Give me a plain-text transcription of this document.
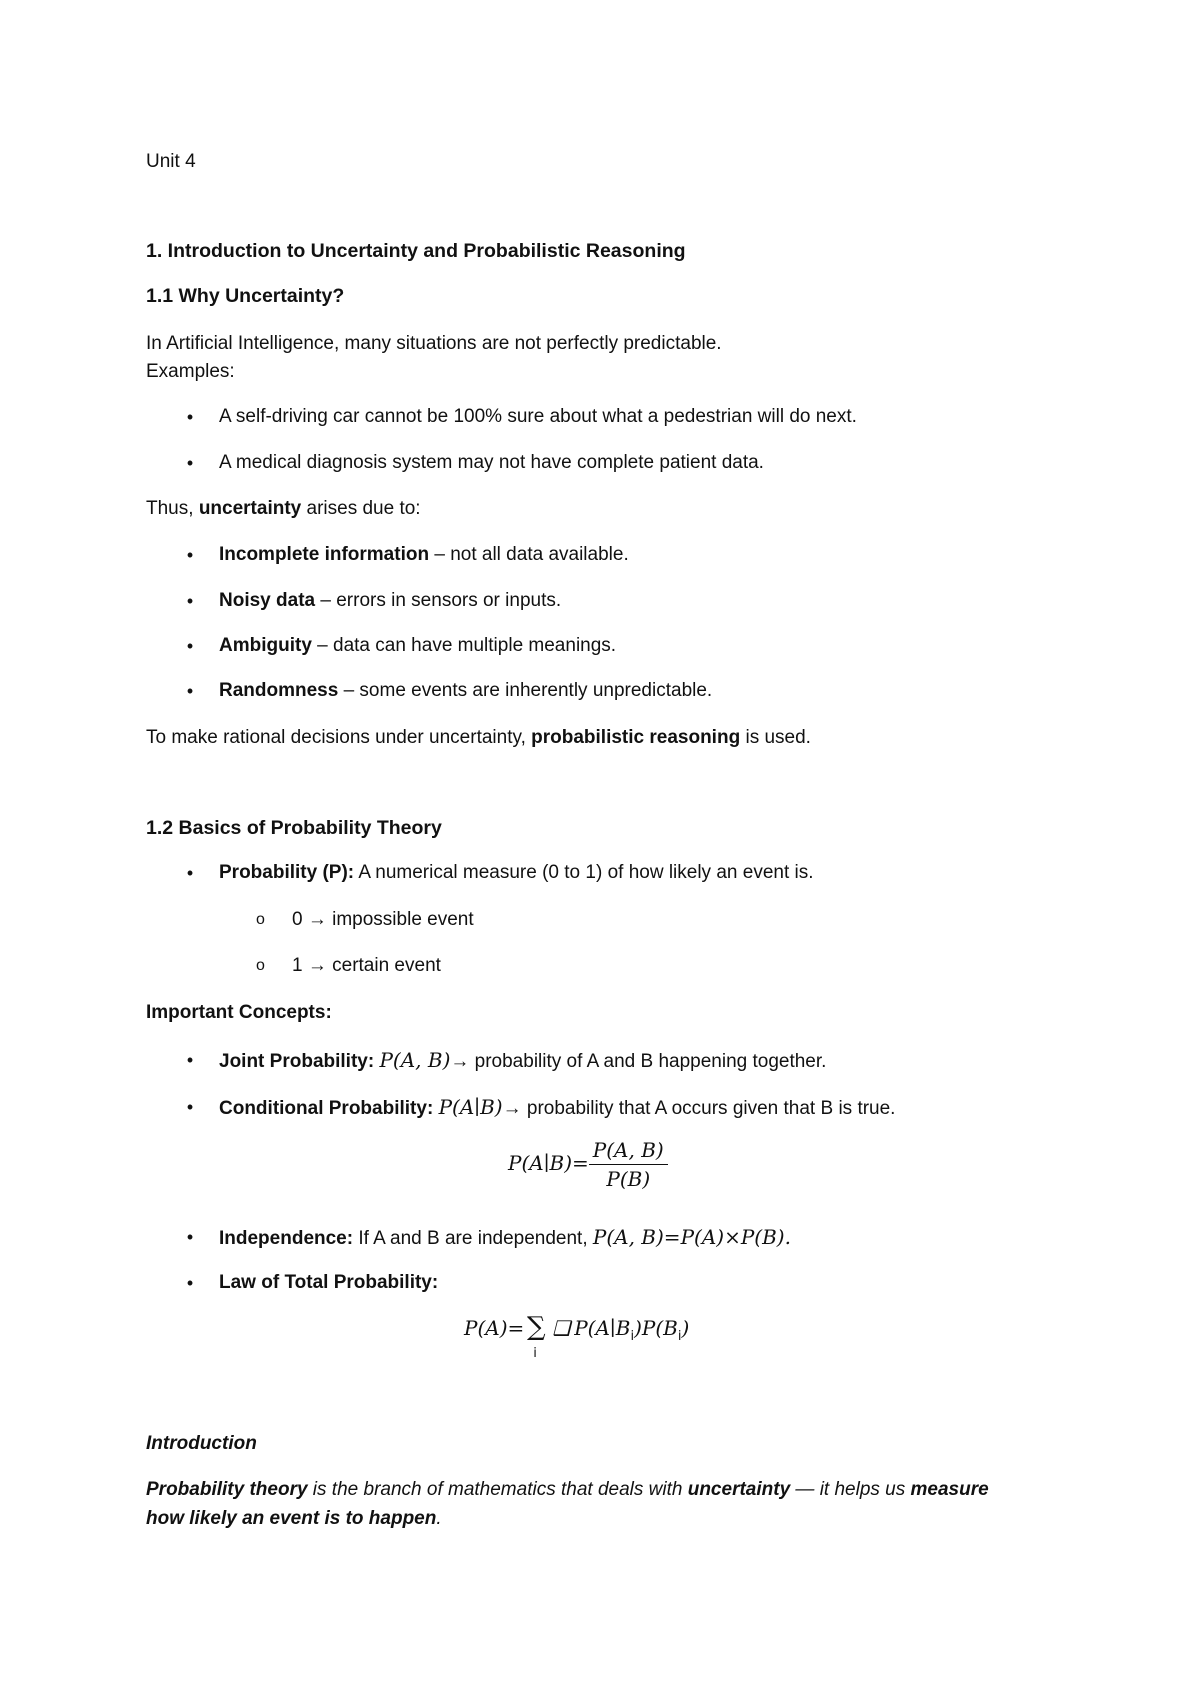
Unit 4
1. Introduction to Uncertainty and Probabilistic Reasoning
1.1 Why Uncertainty?
In Artificial Intelligence, many situations are not perfectly predictable.
Examples:
• A self-driving car cannot be 100% sure about what a pedestrian will do next.
• A medical diagnosis system may not have complete patient data.
Thus, uncertainty arises due to:
• Incomplete information – not all data available.
• Noisy data – errors in sensors or inputs.
• Ambiguity – data can have multiple meanings.
• Randomness – some events are inherently unpredictable.
To make rational decisions under uncertainty, probabilistic reasoning is used.
1.2 Basics of Probability Theory
• Probability (P): A numerical measure (0 to 1) of how likely an event is.
o 0 → impossible event
o 1 → certain event
Important Concepts:
• Joint Probability: P(A, B)→ probability of A and B happening together.
• Conditional Probability: P(A∣B)→ probability that A occurs given that B is true.
P(A∣B)= $\frac{P(A, B)}{P(B)}$
• Independence: If A and B are independent, P(A, B)=P(A)×P(B).
• Law of Total Probability:
P(A)= ∑
i
❑ $P(A∣B_i)P(B_i)$
Introduction
Probability theory is the branch of mathematics that deals with uncertainty — it helps us measure
how likely an event is to happen.
